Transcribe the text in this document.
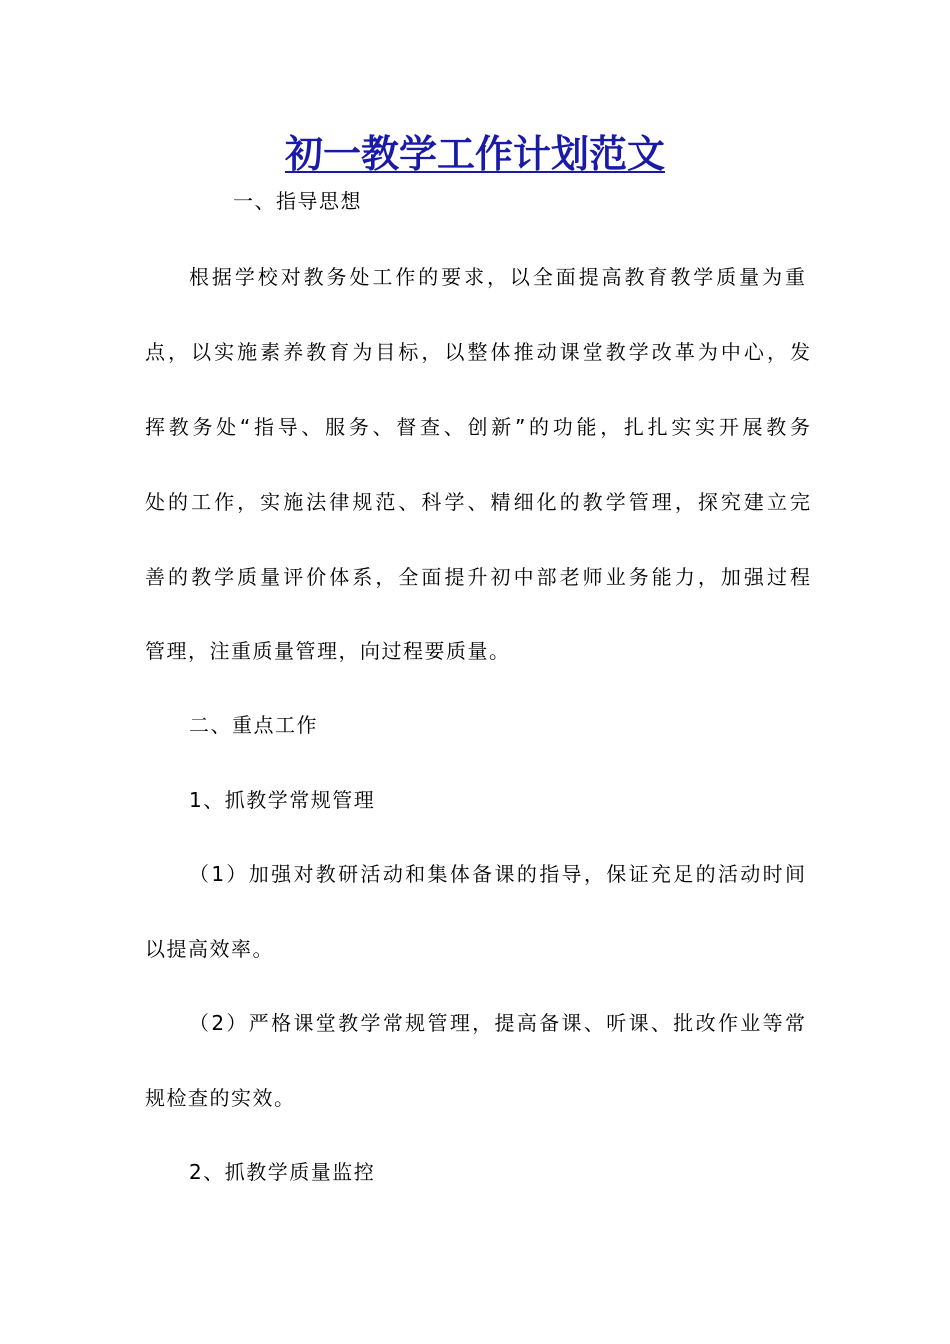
初一教学工作计划范文
一、指导思想
根据学校对教务处工作的要求，以全面提高教育教学质量为重
点，以实施素养教育为目标，以整体推动课堂教学改革为中心，发
挥教务处“指导、服务、督查、创新”的功能，扎扎实实开展教务
处的工作，实施法律规范、科学、精细化的教学管理，探究建立完
善的教学质量评价体系，全面提升初中部老师业务能力，加强过程
管理，注重质量管理，向过程要质量。
二、重点工作
1、抓教学常规管理
（1）加强对教研活动和集体备课的指导，保证充足的活动时间
以提高效率。
（2）严格课堂教学常规管理，提高备课、听课、批改作业等常
规检查的实效。
2、抓教学质量监控
